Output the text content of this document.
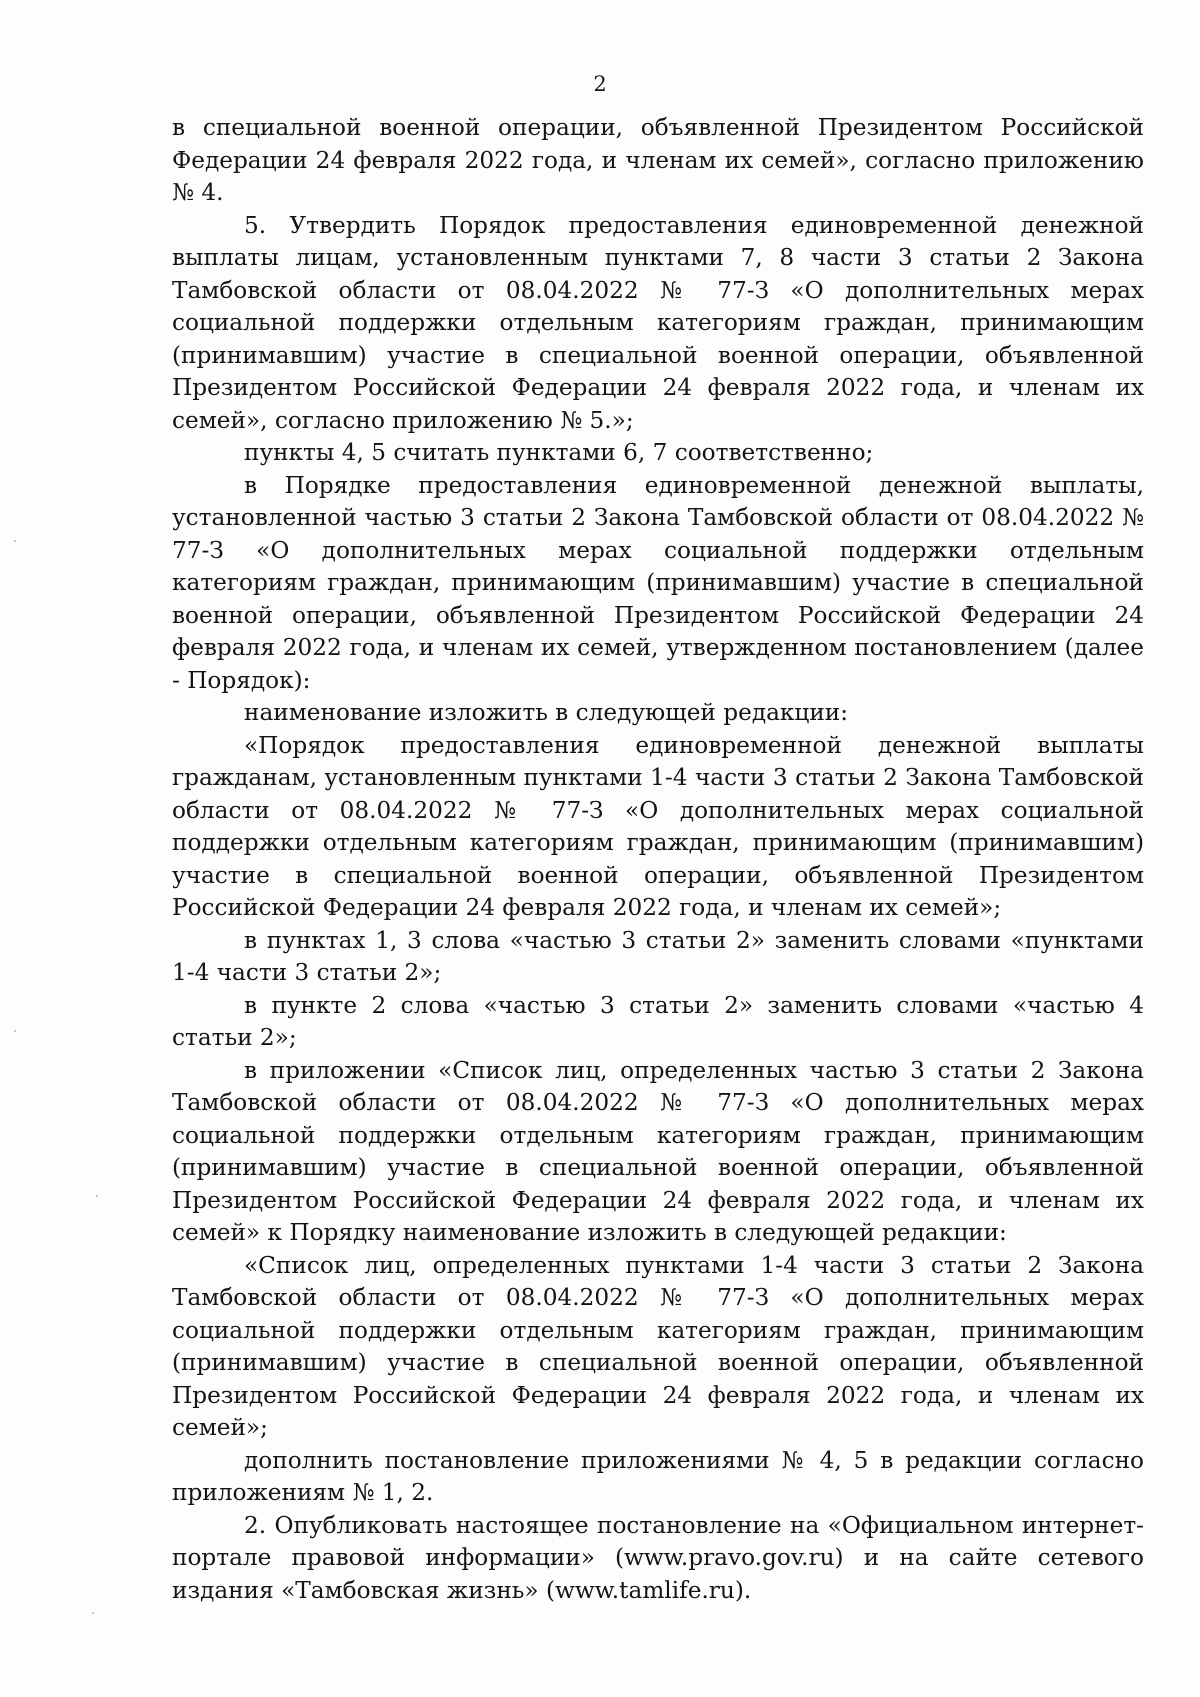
2

в специальной военной операции, объявленной Президентом Российской Федерации 24 февраля 2022 года, и членам их семей», согласно приложению № 4.

5. Утвердить Порядок предоставления единовременной денежной выплаты лицам, установленным пунктами 7, 8 части 3 статьи 2 Закона Тамбовской области от 08.04.2022 № 77-З «О дополнительных мерах социальной поддержки отдельным категориям граждан, принимающим (принимавшим) участие в специальной военной операции, объявленной Президентом Российской Федерации 24 февраля 2022 года, и членам их семей», согласно приложению № 5.»;

пункты 4, 5 считать пунктами 6, 7 соответственно;

в Порядке предоставления единовременной денежной выплаты, установленной частью 3 статьи 2 Закона Тамбовской области от 08.04.2022 № 77-З «О дополнительных мерах социальной поддержки отдельным категориям граждан, принимающим (принимавшим) участие в специальной военной операции, объявленной Президентом Российской Федерации 24 февраля 2022 года, и членам их семей, утвержденном постановлением (далее - Порядок):

наименование изложить в следующей редакции:

«Порядок предоставления единовременной денежной выплаты гражданам, установленным пунктами 1-4 части 3 статьи 2 Закона Тамбовской области от 08.04.2022 № 77-З «О дополнительных мерах социальной поддержки отдельным категориям граждан, принимающим (принимавшим) участие в специальной военной операции, объявленной Президентом Российской Федерации 24 февраля 2022 года, и членам их семей»;

в пунктах 1, 3 слова «частью 3 статьи 2» заменить словами «пунктами 1-4 части 3 статьи 2»;

в пункте 2 слова «частью 3 статьи 2» заменить словами «частью 4 статьи 2»;

в приложении «Список лиц, определенных частью 3 статьи 2 Закона Тамбовской области от 08.04.2022 № 77-З «О дополнительных мерах социальной поддержки отдельным категориям граждан, принимающим (принимавшим) участие в специальной военной операции, объявленной Президентом Российской Федерации 24 февраля 2022 года, и членам их семей» к Порядку наименование изложить в следующей редакции:

«Список лиц, определенных пунктами 1-4 части 3 статьи 2 Закона Тамбовской области от 08.04.2022 № 77-З «О дополнительных мерах социальной поддержки отдельным категориям граждан, принимающим (принимавшим) участие в специальной военной операции, объявленной Президентом Российской Федерации 24 февраля 2022 года, и членам их семей»;

дополнить постановление приложениями № 4, 5 в редакции согласно приложениям № 1, 2.

2. Опубликовать настоящее постановление на «Официальном интернет-портале правовой информации» (www.pravo.gov.ru) и на сайте сетевого издания «Тамбовская жизнь» (www.tamlife.ru).
